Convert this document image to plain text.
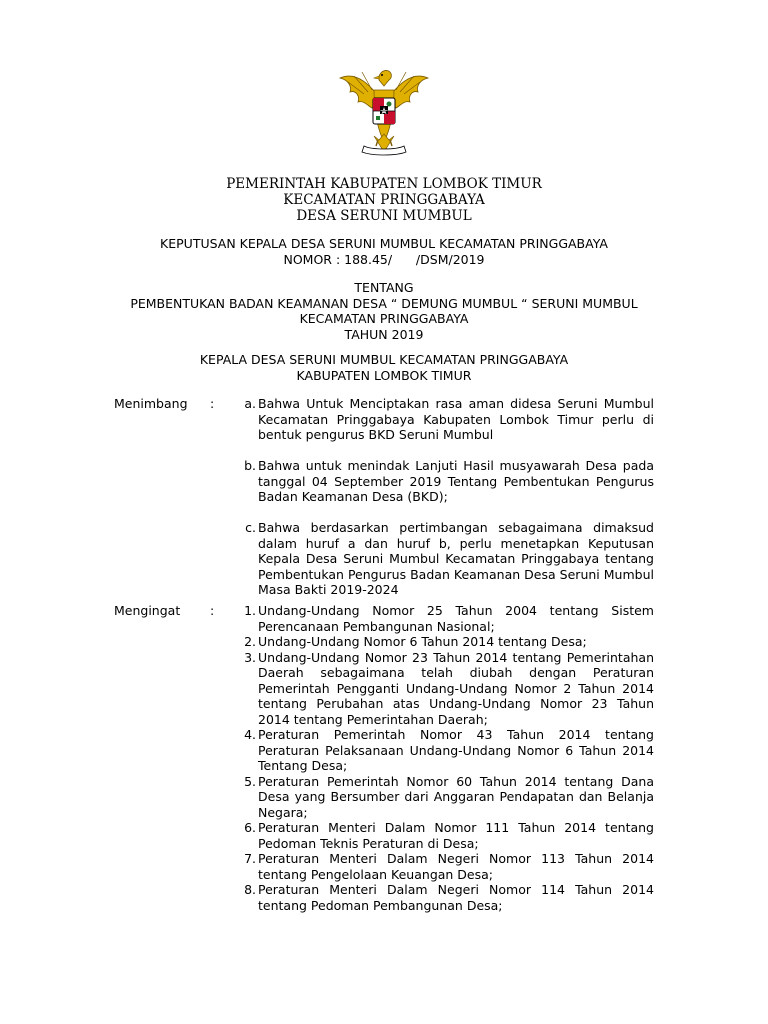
PEMERINTAH KABUPATEN LOMBOK TIMUR
KECAMATAN PRINGGABAYA
DESA SERUNI MUMBUL
KEPUTUSAN KEPALA DESA SERUNI MUMBUL KECAMATAN PRINGGABAYA
NOMOR : 188.45/      /DSM/2019
TENTANG
PEMBENTUKAN BADAN KEAMANAN DESA “ DEMUNG MUMBUL “ SERUNI MUMBUL
KECAMATAN PRINGGABAYA
TAHUN 2019
KEPALA DESA SERUNI MUMBUL KECAMATAN PRINGGABAYA
KABUPATEN LOMBOK TIMUR
Menimbang :	a. Bahwa Untuk Menciptakan rasa aman didesa Seruni Mumbul Kecamatan Pringgabaya Kabupaten Lombok Timur perlu di bentuk pengurus BKD Seruni Mumbul
b. Bahwa untuk menindak Lanjuti Hasil musyawarah Desa pada tanggal 04 September 2019 Tentang Pembentukan Pengurus Badan Keamanan Desa (BKD);
c. Bahwa berdasarkan pertimbangan sebagaimana dimaksud dalam huruf a dan huruf b, perlu menetapkan Keputusan Kepala Desa Seruni Mumbul Kecamatan Pringgabaya tentang Pembentukan Pengurus Badan Keamanan Desa Seruni Mumbul Masa Bakti 2019-2024
Mengingat :	1. Undang-Undang Nomor 25 Tahun 2004 tentang Sistem Perencanaan Pembangunan Nasional;
2. Undang-Undang Nomor 6 Tahun 2014 tentang Desa;
3. Undang-Undang Nomor 23 Tahun 2014 tentang Pemerintahan Daerah sebagaimana telah diubah dengan Peraturan Pemerintah Pengganti Undang-Undang Nomor 2 Tahun 2014 tentang Perubahan atas Undang-Undang Nomor 23 Tahun 2014 tentang Pemerintahan Daerah;
4. Peraturan Pemerintah Nomor 43 Tahun 2014 tentang Peraturan Pelaksanaan Undang-Undang Nomor 6 Tahun 2014 Tentang Desa;
5. Peraturan Pemerintah Nomor 60 Tahun 2014 tentang Dana Desa yang Bersumber dari Anggaran Pendapatan dan Belanja Negara;
6. Peraturan Menteri Dalam Nomor 111 Tahun 2014 tentang Pedoman Teknis Peraturan di Desa;
7. Peraturan Menteri Dalam Negeri Nomor 113 Tahun 2014 tentang Pengelolaan Keuangan Desa;
8. Peraturan Menteri Dalam Negeri Nomor 114 Tahun 2014 tentang Pedoman Pembangunan Desa;
